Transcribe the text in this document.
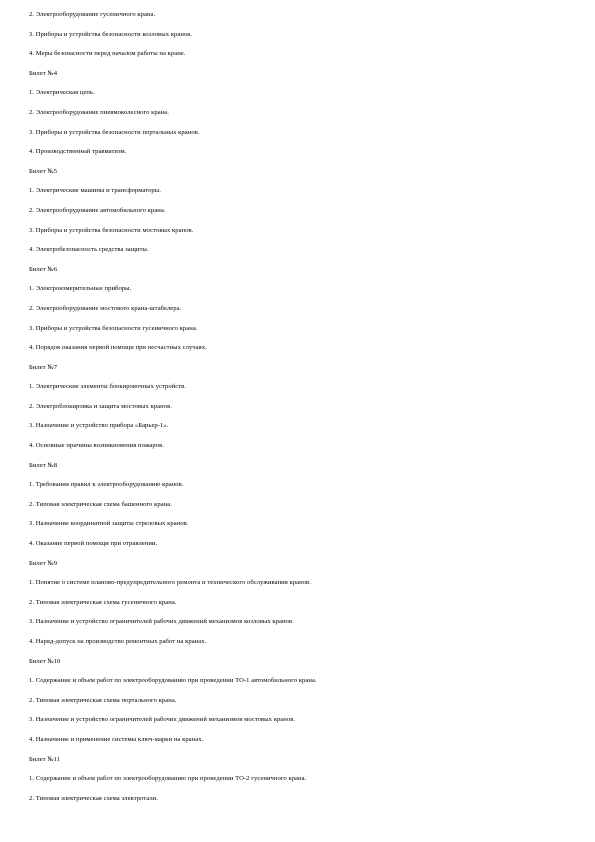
2. Электрооборудование гусеничного крана.
3. Приборы и устройства безопасности козловых кранов.
4. Меры безопасности перед началом работы на кране.
Билет №4
1. Электрическая цепь.
2. Электрооборудование пневмоколесного крана.
3. Приборы и устройства безопасности портальных кранов.
4. Производственный травматизм.
Билет №5
1. Электрические машины и трансформаторы.
2. Электрооборудование автомобильного крана.
3. Приборы и устройства безопасности мостовых кранов.
4. Электробезопасность средства защиты.
Билет №6
1. Электроизмерительные приборы.
2. Электрооборудование мостового крана-штабелера.
3. Приборы и устройства безопасности гусеничного крана.
4. Порядок оказания первой помощи при несчастных случаях.
Билет №7
1. Электрические элементы блокировочных устройств.
2. Электроблокировка и защита мостовых кранов.
3. Назначение и устройство прибора «Барьер-1».
4. Основные причины возникновения пожаров.
Билет №8
1. Требования правил к электрооборудованию кранов.
2. Типовая электрическая схема башенного крана.
3. Назначение координатной защиты стреловых кранов.
4. Оказание первой помощи при отравлении.
Билет №9
1. Понятие о системе планово-предупредительного ремонта и технического обслуживания кранов.
2. Типовая электрическая схема гусеничного крана.
3. Назначение и устройство ограничителей рабочих движений механизмов козловых кранов.
4. Наряд-допуск на производство ремонтных работ на кранах.
Билет №10
1. Содержание и объем работ по электрооборудованию при проведении ТО-1 автомобильного крана.
2. Типовая электрическая схема портального крана.
3. Назначение и устройство ограничителей рабочих движений механизмов мостовых кранов.
4. Назначение и применение системы ключ-марки на кранах.
Билет №11
1. Содержание и объем работ по электрооборудованию при проведении ТО-2 гусеничного крана.
2. Типовая электрическая схема электротали.
